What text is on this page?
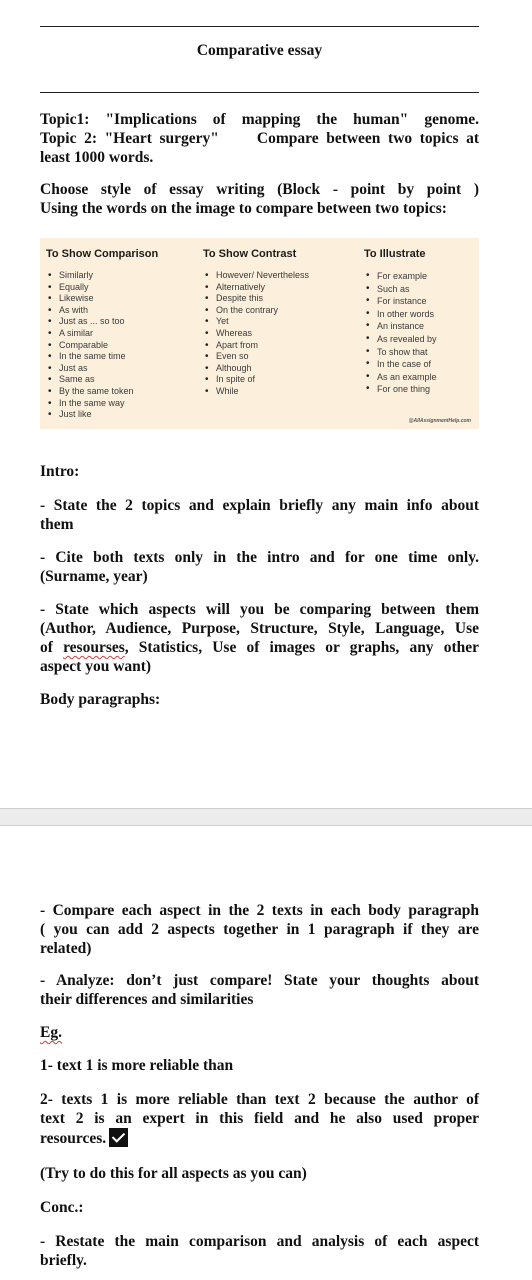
Comparative essay

Topic1: "Implications of mapping the human" genome.
Topic 2: "Heart surgery"     Compare between two topics at
least 1000 words.

Choose style of essay writing (Block - point by point )
Using the words on the image to compare between two topics:

To Show Comparison
• Similarly
• Equally
• Likewise
• As with
• Just as ... so too
• A similar
• Comparable
• In the same time
• Just as
• Same as
• By the same token
• In the same way
• Just like
To Show Contrast
• However/ Nevertheless
• Alternatively
• Despite this
• On the contrary
• Yet
• Whereas
• Apart from
• Even so
• Although
• In spite of
• While
To Illustrate
• For example
• Such as
• For instance
• In other words
• An instance
• As revealed by
• To show that
• In the case of
• As an example
• For one thing
@AllAssignmentHelp.com

Intro:

- State the 2 topics and explain briefly any main info about
them

- Cite both texts only in the intro and for one time only.
(Surname, year)

- State which aspects will you be comparing between them
(Author, Audience, Purpose, Structure, Style, Language, Use
of resourses, Statistics, Use of images or graphs, any other
aspect you want)

Body paragraphs:

- Compare each aspect in the 2 texts in each body paragraph
( you can add 2 aspects together in 1 paragraph if they are
related)

- Analyze: don’t just compare! State your thoughts about
their differences and similarities

Eg.

1- text 1 is more reliable than

2- texts 1 is more reliable than text 2 because the author of
text 2 is an expert in this field and he also used proper
resources.

(Try to do this for all aspects as you can)

Conc.:

- Restate the main comparison and analysis of each aspect
briefly.
